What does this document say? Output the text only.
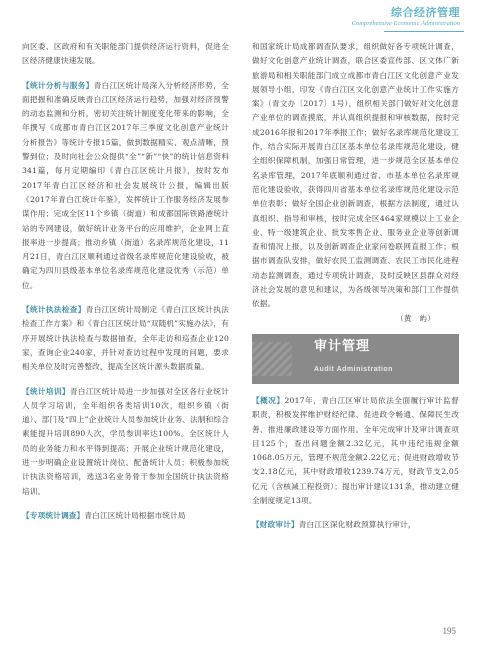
综合经济管理
Comprehensive Economic Administration

向区委、区政府和有关职能部门提供经济运行资料，促进全区经济健康快速发展。

【统计分析与服务】青白江区统计局深入分析经济形势，全面把握和准确反映青白江区经济运行趋势，加强对经济预警的动态监测和分析，密切关注统计制度变化带来的影响，全年撰写《成都市青白江区2017年三季度文化创意产业统计分析报告》等统计专报15篇，做到数据精实、观点清晰，预警到位；及时向社会公众提供“全”“新”“快”的统计信息资料341篇，每月定期编印《青白江区统计月报》，按时发布2017年青白江区经济和社会发展统计公报，编辑出版《2017年青白江统计年鉴》，发挥统计工作服务经济发展参谋作用；完成全区11个乡镇（街道）和成都国际铁路港统计站的专网建设，做好统计业务平台的应用维护，企业网上直报率进一步提高；推动乡镇（街道）名录库规范化建设，11月21日，青白江区顺利通过省级名录库规范化建设验收，被确定为四川县级基本单位名录库规范化建设优秀（示范）单位。

【统计执法检查】青白江区统计局制定《青白江区统计执法检查工作方案》和《青白江区统计局“双随机”实施办法》，有序开展统计执法检查与数据抽查，全年走访和巡查企业120家，查询企业240家，并针对查访过程中发现的问题，要求相关单位及时完善整改，提高全区统计源头数据质量。

【统计培训】青白江区统计局进一步加强对全区各行业统计人员学习培训，全年组织各类培训10次，组织乡镇（街道）、部门及“四上”企业统计人员参加统计业务、法制和综合素能提升培训890人次，学员参训率达100%。全区统计人员的业务能力和水平得到提高；开展企业统计规范化建设，进一步明确企业设置统计岗位、配备统计人员；积极参加统计执法资格培训，选送3名业务骨干参加全国统计执法资格培训。

【专项统计调查】青白江区统计局根据市统计局

和国家统计局成都调查队要求，组织做好各专项统计调查，做好文化创意产业统计调查，联合区委宣传部、区文体广新旅游局和相关职能部门成立成都市青白江区文化创意产业发展领导小组，印发《青白江区文化创意产业统计工作实施方案》（青文办〔2017〕1号），组织相关部门做好对文化创意产业单位的调查摸底，并认真组织提报和审核数据，按时完成2016年报和2017年季报工作；做好名录库规范化建设工作，结合实际开展青白江区基本单位名录库规范化建设，健全组织保障机制，加强日常管理，进一步规范全区基本单位名录库管理，2017年底顺利通过省、市基本单位名录库规范化建设验收，获得四川省基本单位名录库规范化建设示范单位表彰；做好全国企业创新调查，根据方法制度，通过认真组织、指导和审核，按时完成全区464家规模以上工业企业、特一级建筑企业、批发零售企业、服务业企业等创新调查和情况上报，以及创新调查企业家问卷联网直报工作；根据市调查队安排，做好农民工监测调查、农民工市民化进程动态监测调查，通过专项统计调查，及时反映区县群众对经济社会发展的意见和建议，为各级领导决策和部门工作提供依据。

（黄　屿）

审计管理
Audit Administration

【概况】2017年，青白江区审计局依法全面履行审计监督职责，积极发挥维护财经纪律、促进政令畅通、保障民生改善、推进廉政建设等方面作用。全年完成审计及审计调查项目125个，查出问题金额2.32亿元，其中违纪违规金额1068.05万元，管理不规范金额2.22亿元；促进财政增收节支2.18亿元，其中财政增收1239.74万元，财政节支2.05亿元（含核减工程投资）；提出审计建议131条，推动建立健全制度规定13项。

【财政审计】青白江区深化财政预算执行审计，

195
